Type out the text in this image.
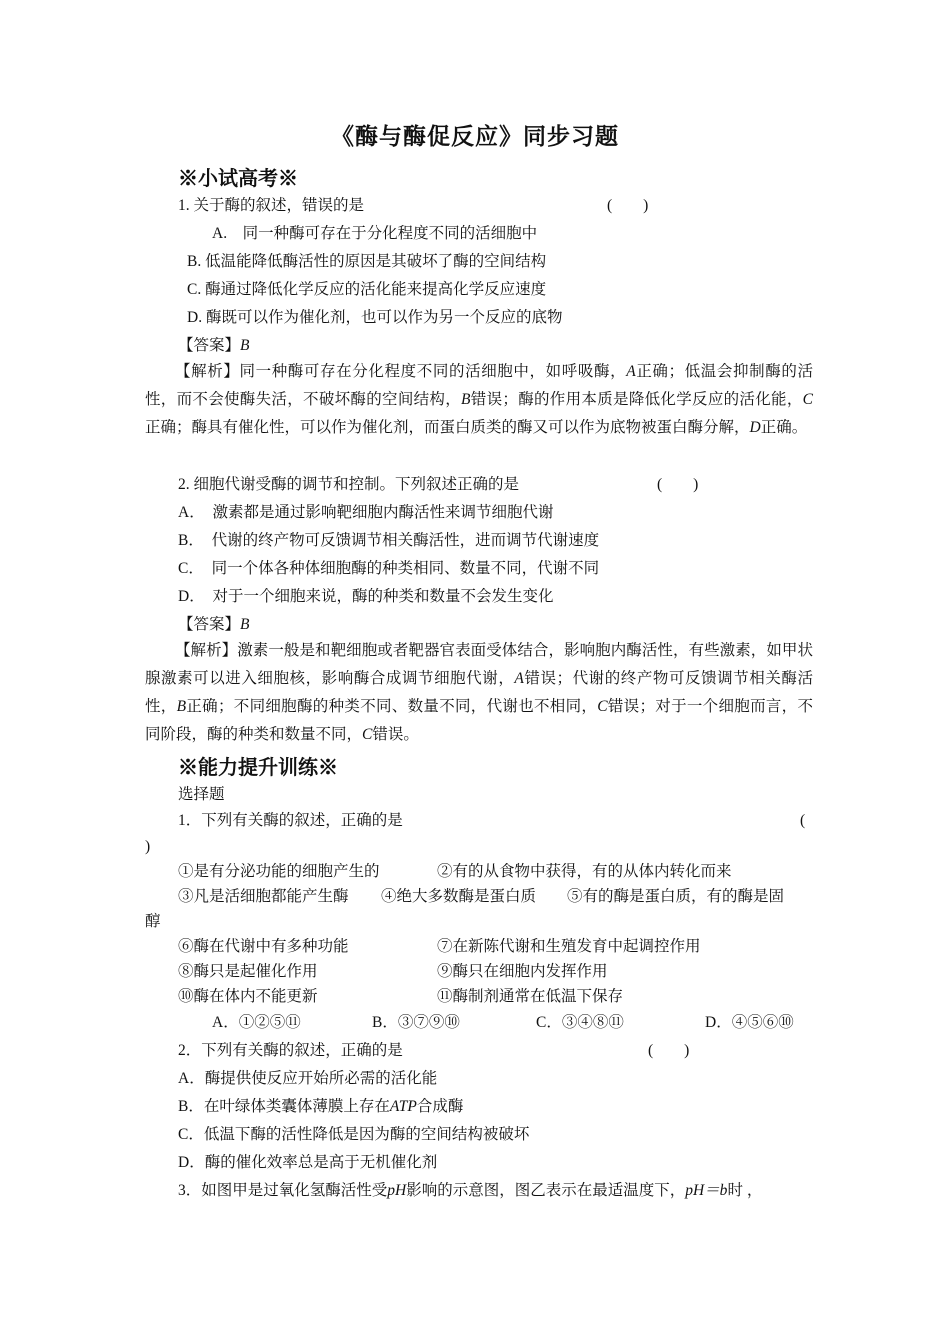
《酶与酶促反应》同步习题
※小试高考※
1. 关于酶的叙述，错误的是	(　　)
A.　同一种酶可存在于分化程度不同的活细胞中
B. 低温能降低酶活性的原因是其破坏了酶的空间结构
C. 酶通过降低化学反应的活化能来提高化学反应速度
D. 酶既可以作为催化剂，也可以作为另一个反应的底物
【答案】B
【解析】同一种酶可存在分化程度不同的活细胞中，如呼吸酶，A正确；低温会抑制酶的活性，而不会使酶失活，不破坏酶的空间结构，B错误；酶的作用本质是降低化学反应的活化能，C正确；酶具有催化性，可以作为催化剂，而蛋白质类的酶又可以作为底物被蛋白酶分解，D正确。
2. 细胞代谢受酶的调节和控制。下列叙述正确的是	(　　)
A．　激素都是通过影响靶细胞内酶活性来调节细胞代谢
B．　代谢的终产物可反馈调节相关酶活性，进而调节代谢速度
C．　同一个体各种体细胞酶的种类相同、数量不同，代谢不同
D．　对于一个细胞来说，酶的种类和数量不会发生变化
【答案】B
【解析】激素一般是和靶细胞或者靶器官表面受体结合，影响胞内酶活性，有些激素，如甲状腺激素可以进入细胞核，影响酶合成调节细胞代谢，A错误；代谢的终产物可反馈调节相关酶活性，B正确；不同细胞酶的种类不同、数量不同，代谢也不相同，C错误；对于一个细胞而言，不同阶段，酶的种类和数量不同，C错误。
※能力提升训练※
选择题
1．下列有关酶的叙述，正确的是	(
)
①是有分泌功能的细胞产生的	②有的从食物中获得，有的从体内转化而来
③凡是活细胞都能产生酶 ④绝大多数酶是蛋白质 ⑤有的酶是蛋白质，有的酶是固
醇
⑥酶在代谢中有多种功能	⑦在新陈代谢和生殖发育中起调控作用
⑧酶只是起催化作用	⑨酶只在细胞内发挥作用
⑩酶在体内不能更新	⑪酶制剂通常在低温下保存
A．①②⑤⑪	B．③⑦⑨⑩	C．③④⑧⑪	D．④⑤⑥⑩
2．下列有关酶的叙述，正确的是	(　　)
A．酶提供使反应开始所必需的活化能
B．在叶绿体类囊体薄膜上存在ATP合成酶
C．低温下酶的活性降低是因为酶的空间结构被破坏
D．酶的催化效率总是高于无机催化剂
3．如图甲是过氧化氢酶活性受pH影响的示意图，图乙表示在最适温度下，pH＝b时 ，
